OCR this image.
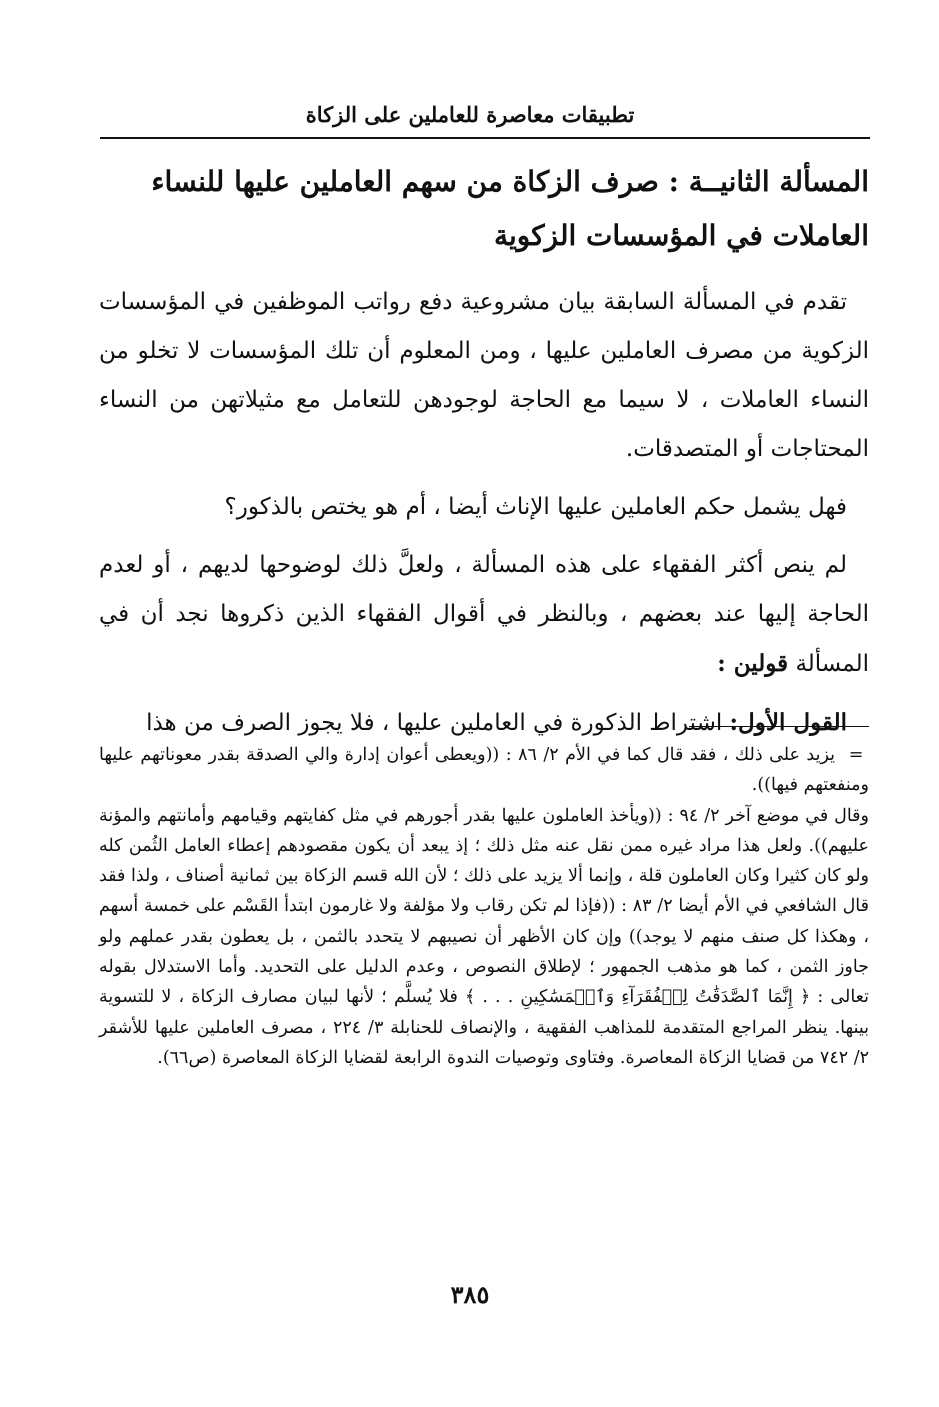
تطبيقات معاصرة للعاملين على الزكاة
المسألة الثانيــة : صرف الزكاة من سهم العاملين عليها للنساء العاملات في المؤسسات الزكوية

تقدم في المسألة السابقة بيان مشروعية دفع رواتب الموظفين في المؤسسات الزكوية من مصرف العاملين عليها ، ومن المعلوم أن تلك المؤسسات لا تخلو من النساء العاملات ، لا سيما مع الحاجة لوجودهن للتعامل مع مثيلاتهن من النساء المحتاجات أو المتصدقات.

فهل يشمل حكم العاملين عليها الإناث أيضا ، أم هو يختص بالذكور؟

لم ينص أكثر الفقهاء على هذه المسألة ، ولعلَّ ذلك لوضوحها لديهم ، أو لعدم الحاجة إليها عند بعضهم ، وبالنظر في أقوال الفقهاء الذين ذكروها نجد أن في المسألة قولين :

القول الأول: اشتراط الذكورة في العاملين عليها ، فلا يجوز الصرف من هذا

=يزيد على ذلك ، فقد قال كما في الأم ٢/ ٨٦ : ((ويعطى أعوان إدارة والي الصدقة بقدر معوناتهم عليها ومنفعتهم فيها)).

وقال في موضع آخر ٢/ ٩٤ : ((ويأخذ العاملون عليها بقدر أجورهم في مثل كفايتهم وقيامهم وأمانتهم والمؤنة عليهم)). ولعل هذا مراد غيره ممن نقل عنه مثل ذلك ؛ إذ يبعد أن يكون مقصودهم إعطاء العامل الثُمن كله ولو كان كثيرا وكان العاملون قلة ، وإنما ألا يزيد على ذلك ؛ لأن الله قسم الزكاة بين ثمانية أصناف ، ولذا فقد قال الشافعي في الأم أيضا ٢/ ٨٣ : ((فإذا لم تكن رقاب ولا مؤلفة ولا غارمون ابتدأ القَسْم على خمسة أسهم ، وهكذا كل صنف منهم لا يوجد)) وإن كان الأظهر أن نصيبهم لا يتحدد بالثمن ، بل يعطون بقدر عملهم ولو جاوز الثمن ، كما هو مذهب الجمهور ؛ لإطلاق النصوص ، وعدم الدليل على التحديد. وأما الاستدلال بقوله تعالى : ﴿ إِنَّمَا ٱلصَّدَقَٰتُ لِلۡفُقَرَآءِ وَٱلۡمَسَٰكِينِ . . . ﴾ فلا يُسلَّم ؛ لأنها لبيان مصارف الزكاة ، لا للتسوية بينها. ينظر المراجع المتقدمة للمذاهب الفقهية ، والإنصاف للحنابلة ٣/ ٢٢٤ ، مصرف العاملين عليها للأشقر ٢/ ٧٤٢ من قضايا الزكاة المعاصرة. وفتاوى وتوصيات الندوة الرابعة لقضايا الزكاة المعاصرة (ص٦٦).

٣٨٥
